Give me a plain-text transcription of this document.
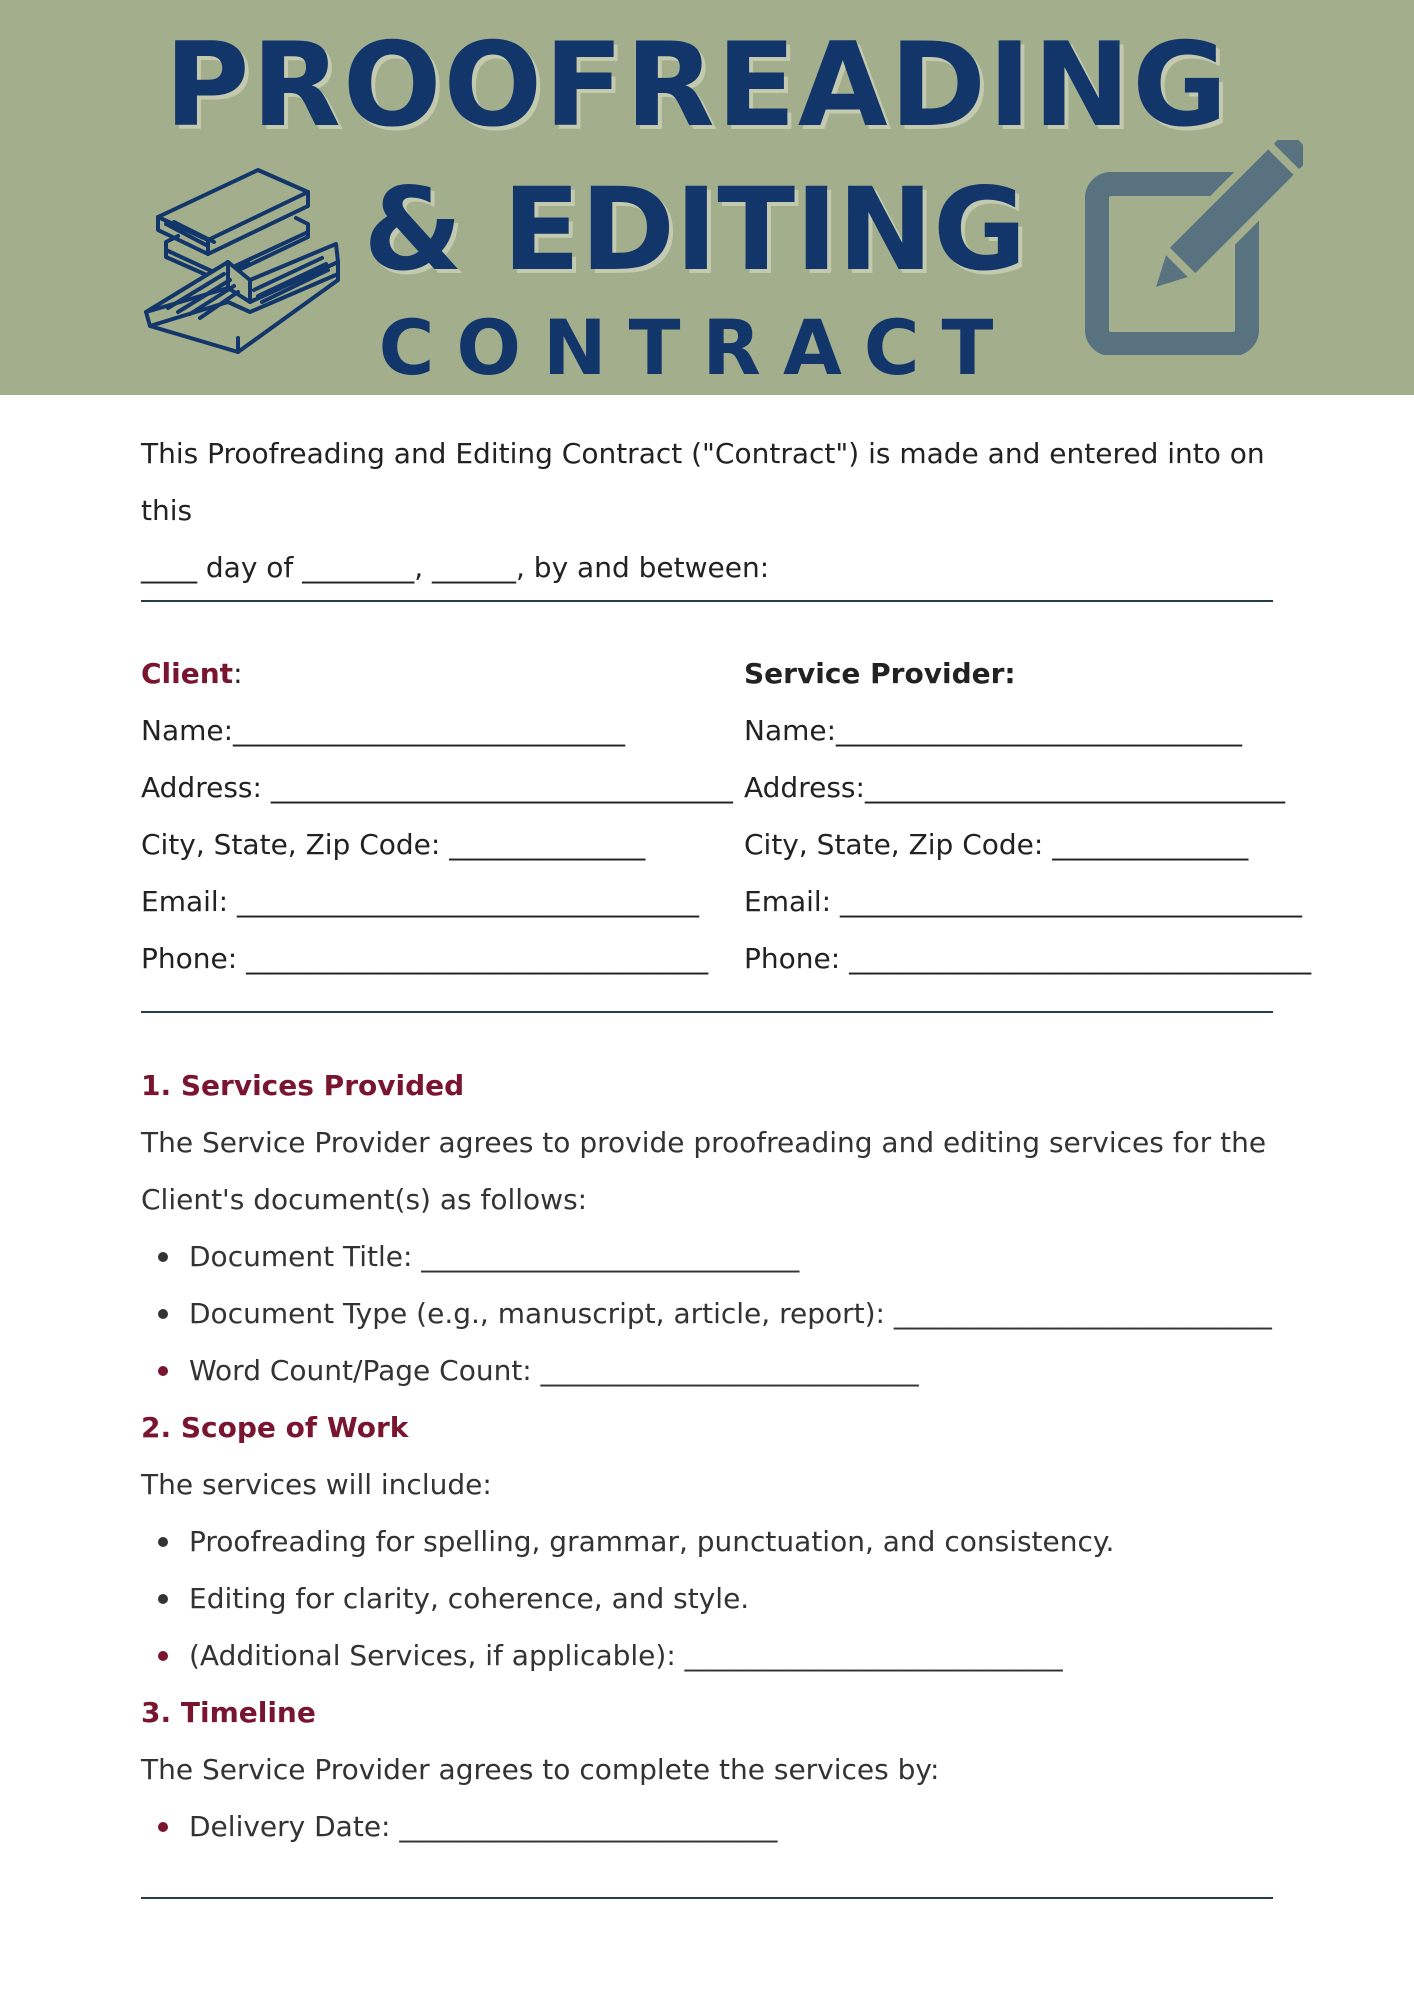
PROOFREADING
& EDITING
CONTRACT

This Proofreading and Editing Contract ("Contract") is made and entered into on this

____ day of ________, ______, by and between:

Client:
Name:____________________________
Address: _________________________________
City, State, Zip Code: ______________
Email: _________________________________
Phone: _________________________________
Service Provider:
Name:_____________________________
Address:______________________________
City, State, Zip Code: ______________
Email: _________________________________
Phone: _________________________________

1. Services Provided

The Service Provider agrees to provide proofreading and editing services for the

Client's document(s) as follows:

Document Title: ___________________________
Document Type (e.g., manuscript, article, report): ___________________________
Word Count/Page Count: ___________________________

2. Scope of Work

The services will include:

Proofreading for spelling, grammar, punctuation, and consistency.
Editing for clarity, coherence, and style.
(Additional Services, if applicable): ___________________________

3. Timeline

The Service Provider agrees to complete the services by:

Delivery Date: ___________________________
